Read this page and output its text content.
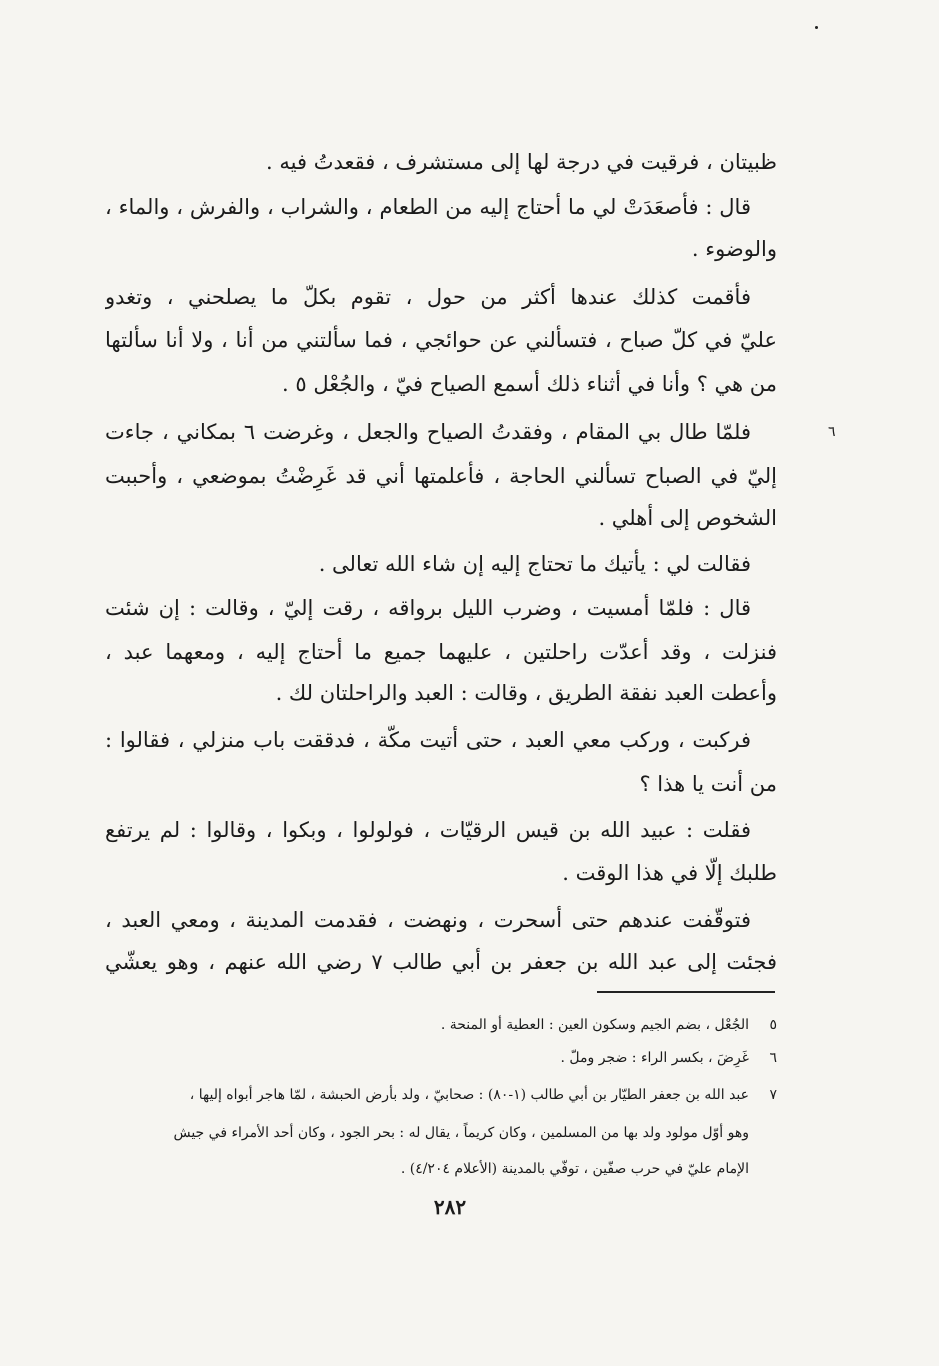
ظبيتان ، فرقيت في درجة لها إلى مستشرف ، فقعدتُ فيه .
قال : فأصعَدَتْ لي ما أحتاج إليه من الطعام ، والشراب ، والفرش ، والماء ،
والوضوء .
فأقمت كذلك عندها أكثر من حول ، تقوم بكلّ ما يصلحني ، وتغدو
عليّ في كلّ صباح ، فتسألني عن حوائجي ، فما سألتني من أنا ، ولا أنا سألتها
من هي ؟ وأنا في أثناء ذلك أسمع الصياح فيّ ، والجُعْل ٥ .
فلمّا طال بي المقام ، وفقدتُ الصياح والجعل ، وغرضت ٦ بمكاني ، جاءت
إليّ في الصباح تسألني الحاجة ، فأعلمتها أني قد غَرِضْتُ بموضعي ، وأحببت
الشخوص إلى أهلي .
فقالت لي : يأتيك ما تحتاج إليه إن شاء الله تعالى .
قال : فلمّا أمسيت ، وضرب الليل برواقه ، رقت إليّ ، وقالت : إن شئت
فنزلت ، وقد أعدّت راحلتين ، عليهما جميع ما أحتاج إليه ، ومعهما عبد ،
وأعطت العبد نفقة الطريق ، وقالت : العبد والراحلتان لك .
فركبت ، وركب معي العبد ، حتى أتيت مكّة ، فدققت باب منزلي ، فقالوا :
من أنت يا هذا ؟
فقلت : عبيد الله بن قيس الرقيّات ، فولولوا ، وبكوا ، وقالوا : لم يرتفع
طلبك إلّا في هذا الوقت .
فتوقّفت عندهم حتى أسحرت ، ونهضت ، فقدمت المدينة ، ومعي العبد ،
فجئت إلى عبد الله بن جعفر بن أبي طالب ٧ رضي الله عنهم ، وهو يعشّي
٦
٥الجُعْل ، بضم الجيم وسكون العين : العطية أو المنحة .
٦غَرِضَ ، بكسر الراء : ضجر وملّ .
٧عبد الله بن جعفر الطيّار بن أبي طالب (١-٨٠) : صحابيّ ، ولد بأرض الحبشة ، لمّا هاجر أبواه إليها ،
وهو أوّل مولود ولد بها من المسلمين ، وكان كريماً ، يقال له : بحر الجود ، وكان أحد الأمراء في جيش
الإمام عليّ في حرب صفّين ، توفّي بالمدينة (الأعلام ٤/٢٠٤) .
٢٨٢
